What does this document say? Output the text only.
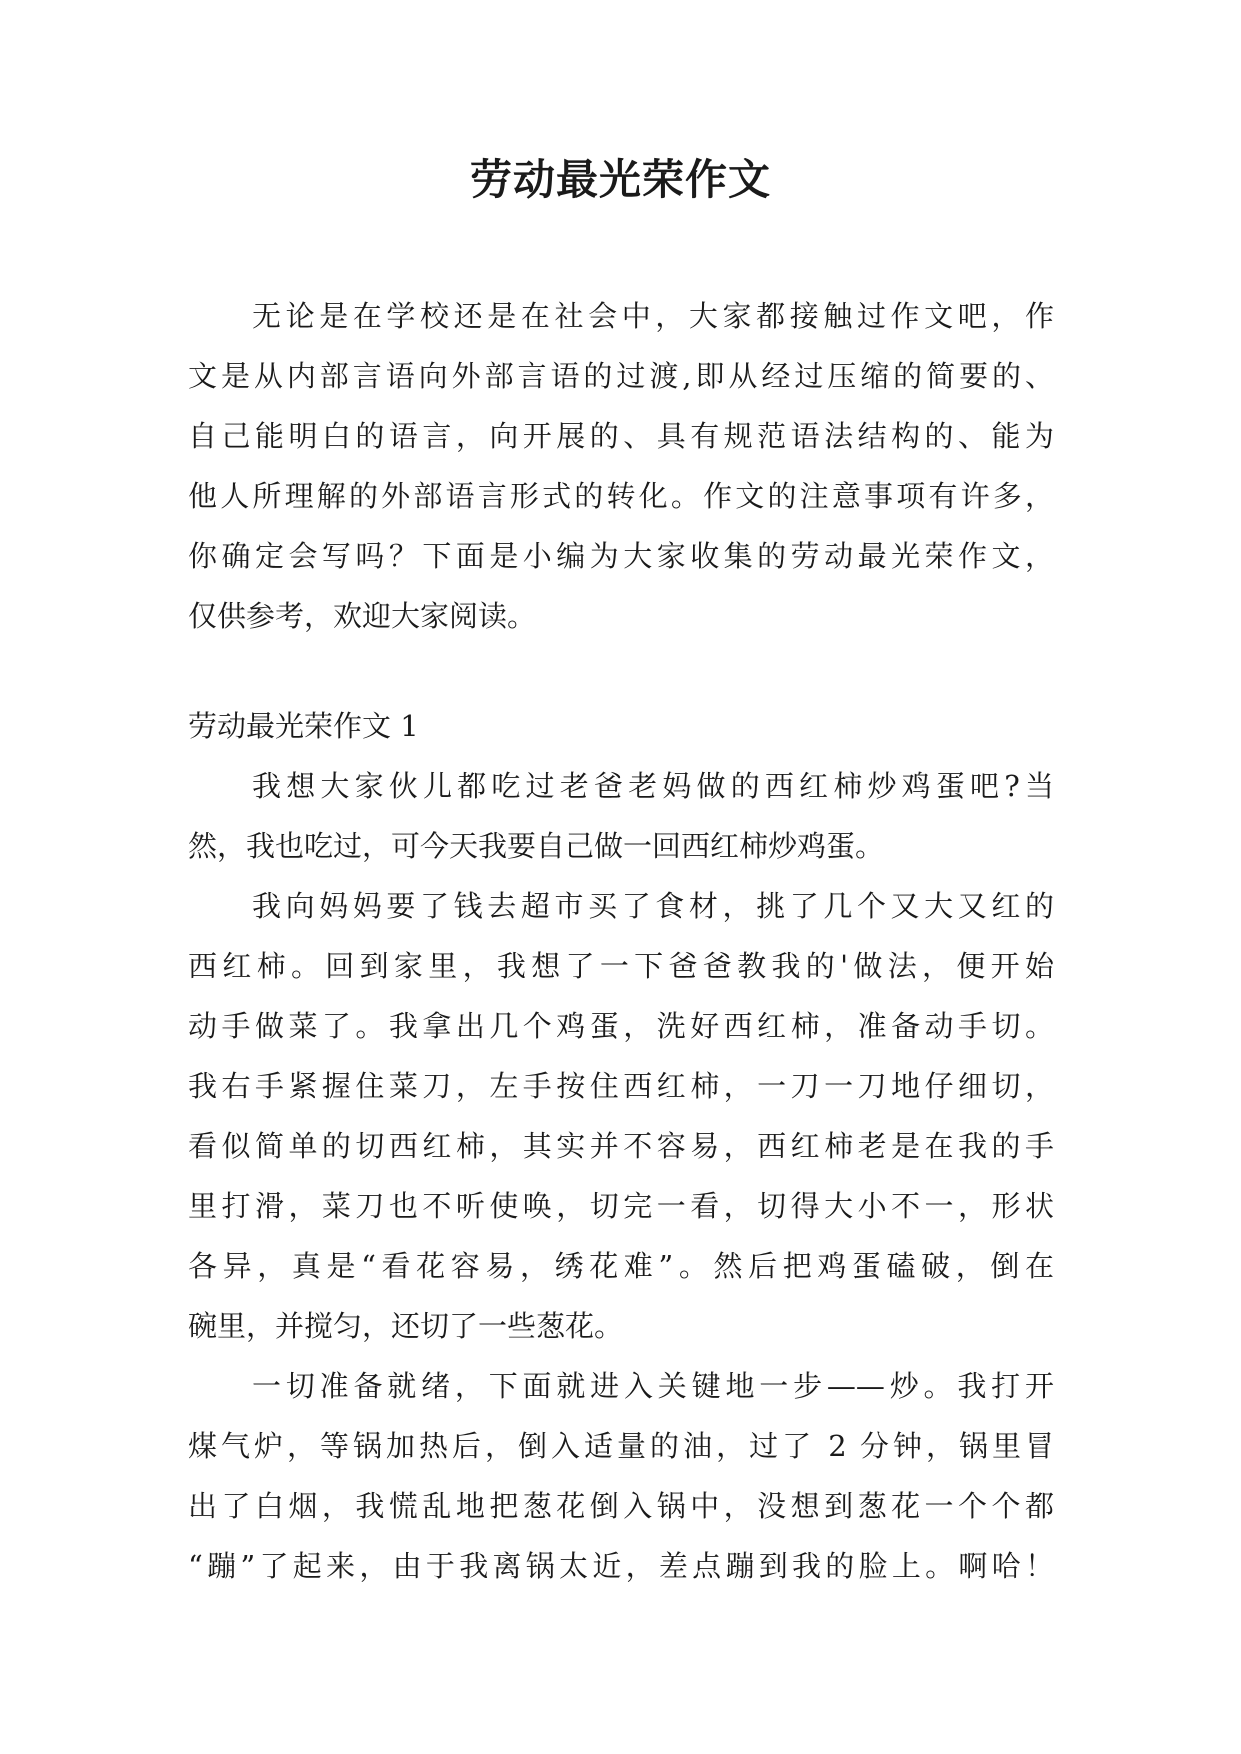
劳动最光荣作文
无论是在学校还是在社会中，大家都接触过作文吧，作
文是从内部言语向外部言语的过渡,即从经过压缩的简要的、
自己能明白的语言，向开展的、具有规范语法结构的、能为
他人所理解的外部语言形式的转化。作文的注意事项有许多，
你确定会写吗？下面是小编为大家收集的劳动最光荣作文，
仅供参考，欢迎大家阅读。
劳动最光荣作文 1
我想大家伙儿都吃过老爸老妈做的西红柿炒鸡蛋吧?当
然，我也吃过，可今天我要自己做一回西红柿炒鸡蛋。
我向妈妈要了钱去超市买了食材，挑了几个又大又红的
西红柿。回到家里，我想了一下爸爸教我的'做法，便开始
动手做菜了。我拿出几个鸡蛋，洗好西红柿，准备动手切。
我右手紧握住菜刀，左手按住西红柿，一刀一刀地仔细切，
看似简单的切西红柿，其实并不容易，西红柿老是在我的手
里打滑，菜刀也不听使唤，切完一看，切得大小不一，形状
各异，真是“看花容易，绣花难”。然后把鸡蛋磕破，倒在
碗里，并搅匀，还切了一些葱花。
一切准备就绪，下面就进入关键地一步——炒。我打开
煤气炉，等锅加热后，倒入适量的油，过了 2 分钟，锅里冒
出了白烟，我慌乱地把葱花倒入锅中，没想到葱花一个个都
“蹦”了起来，由于我离锅太近，差点蹦到我的脸上。啊哈！
